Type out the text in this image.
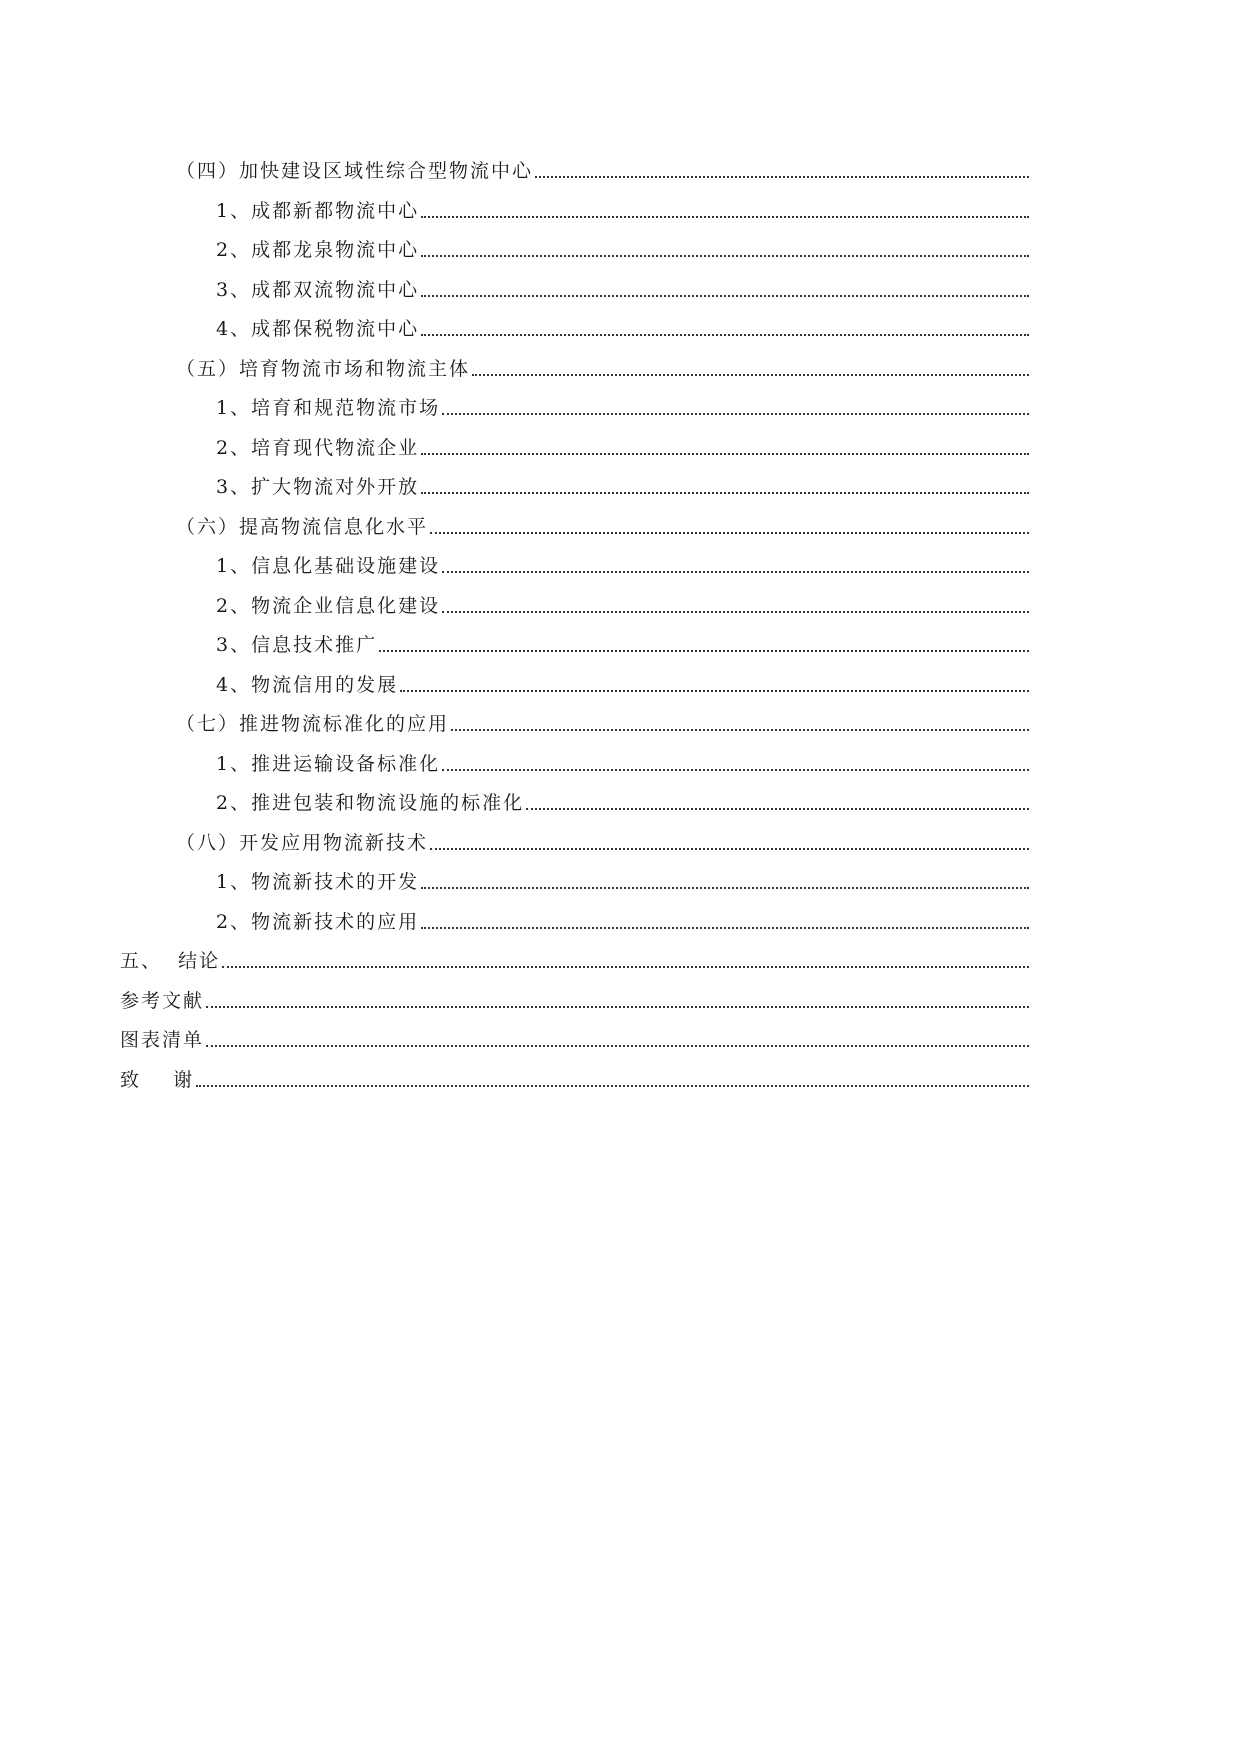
（四）加快建设区域性综合型物流中心
1、成都新都物流中心
2、成都龙泉物流中心
3、成都双流物流中心
4、成都保税物流中心
（五）培育物流市场和物流主体
1、培育和规范物流市场
2、培育现代物流企业
3、扩大物流对外开放
（六）提高物流信息化水平
1、信息化基础设施建设
2、物流企业信息化建设
3、信息技术推广
4、物流信用的发展
（七）推进物流标准化的应用
1、推进运输设备标准化
2、推进包装和物流设施的标准化
（八）开发应用物流新技术
1、物流新技术的开发
2、物流新技术的应用
五、  结论
参考文献
图表清单
致    谢
